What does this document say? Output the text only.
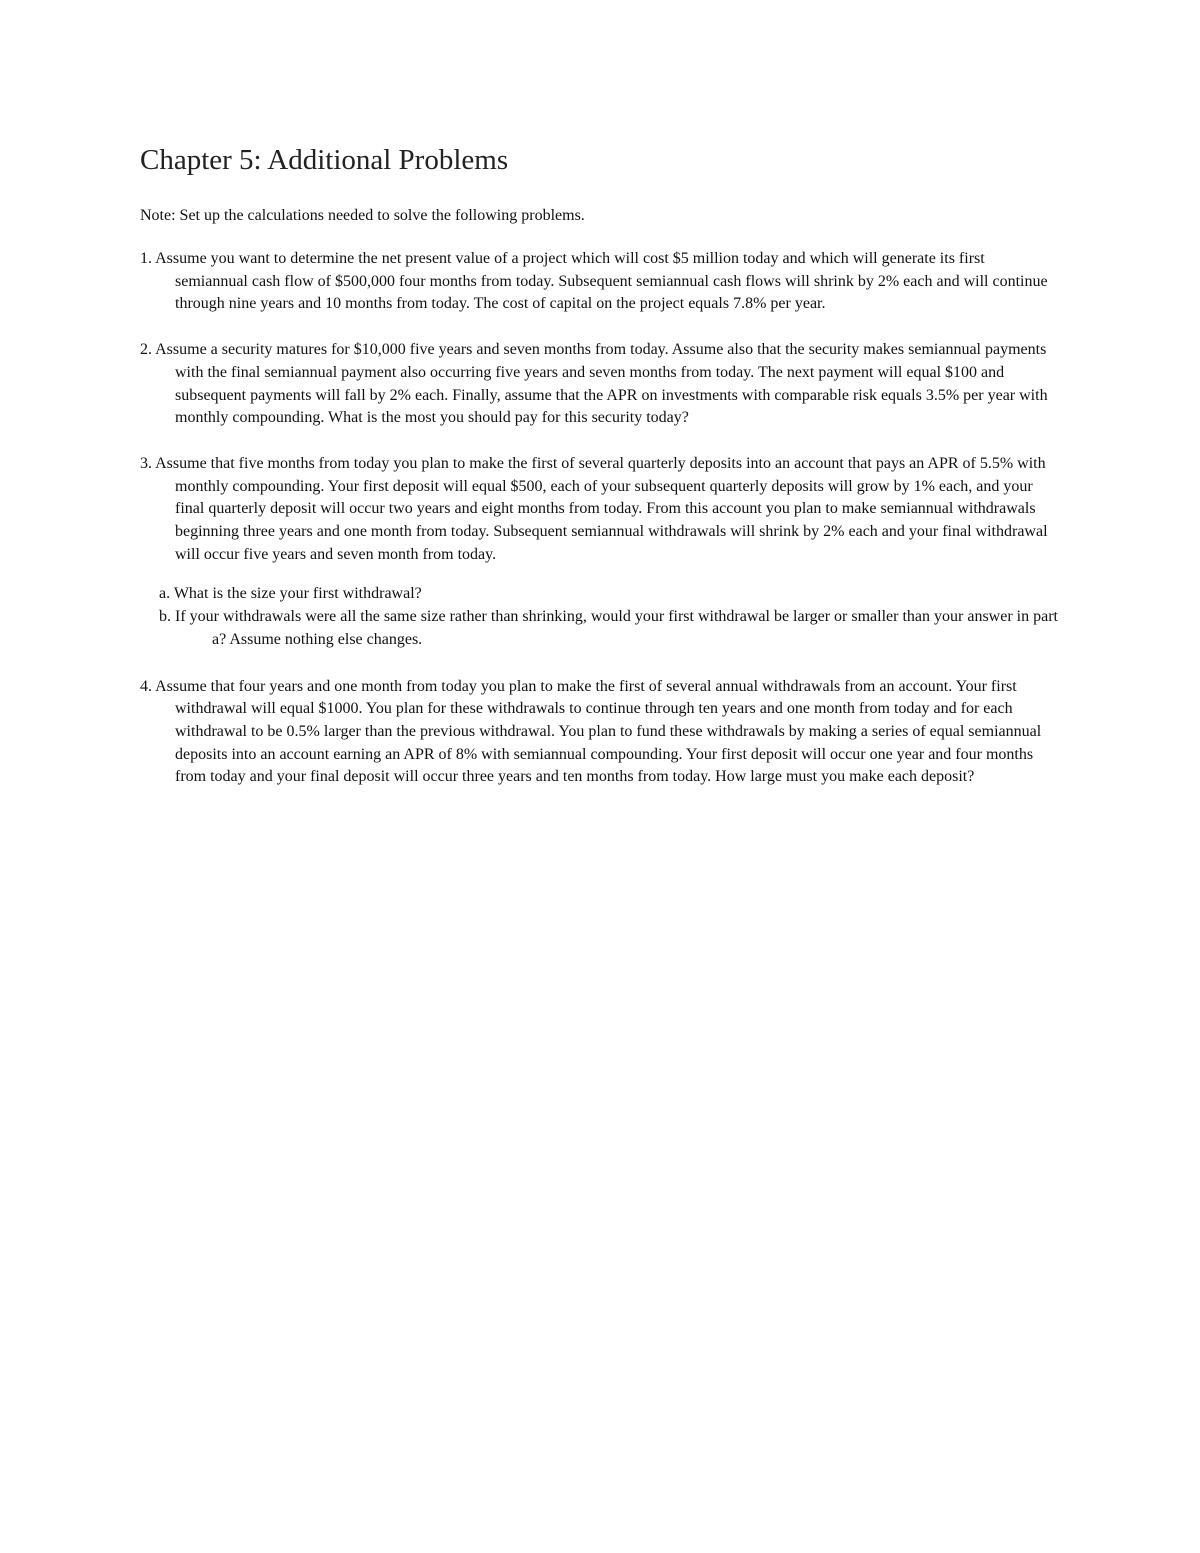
Chapter 5: Additional Problems

Note: Set up the calculations needed to solve the following problems.

1. Assume you want to determine the net present value of a project which will cost $5 million today and which will generate its first semiannual cash flow of $500,000 four months from today. Subsequent semiannual cash flows will shrink by 2% each and will continue through nine years and 10 months from today. The cost of capital on the project equals 7.8% per year.

2. Assume a security matures for $10,000 five years and seven months from today. Assume also that the security makes semiannual payments with the final semiannual payment also occurring five years and seven months from today. The next payment will equal $100 and subsequent payments will fall by 2% each. Finally, assume that the APR on investments with comparable risk equals 3.5% per year with monthly compounding. What is the most you should pay for this security today?

3. Assume that five months from today you plan to make the first of several quarterly deposits into an account that pays an APR of 5.5% with monthly compounding. Your first deposit will equal $500, each of your subsequent quarterly deposits will grow by 1% each, and your final quarterly deposit will occur two years and eight months from today. From this account you plan to make semiannual withdrawals beginning three years and one month from today. Subsequent semiannual withdrawals will shrink by 2% each and your final withdrawal will occur five years and seven month from today.

a. What is the size your first withdrawal?

b. If your withdrawals were all the same size rather than shrinking, would your first withdrawal be larger or smaller than your answer in part a? Assume nothing else changes.

4. Assume that four years and one month from today you plan to make the first of several annual withdrawals from an account. Your first withdrawal will equal $1000. You plan for these withdrawals to continue through ten years and one month from today and for each withdrawal to be 0.5% larger than the previous withdrawal. You plan to fund these withdrawals by making a series of equal semiannual deposits into an account earning an APR of 8% with semiannual compounding. Your first deposit will occur one year and four months from today and your final deposit will occur three years and ten months from today. How large must you make each deposit?
